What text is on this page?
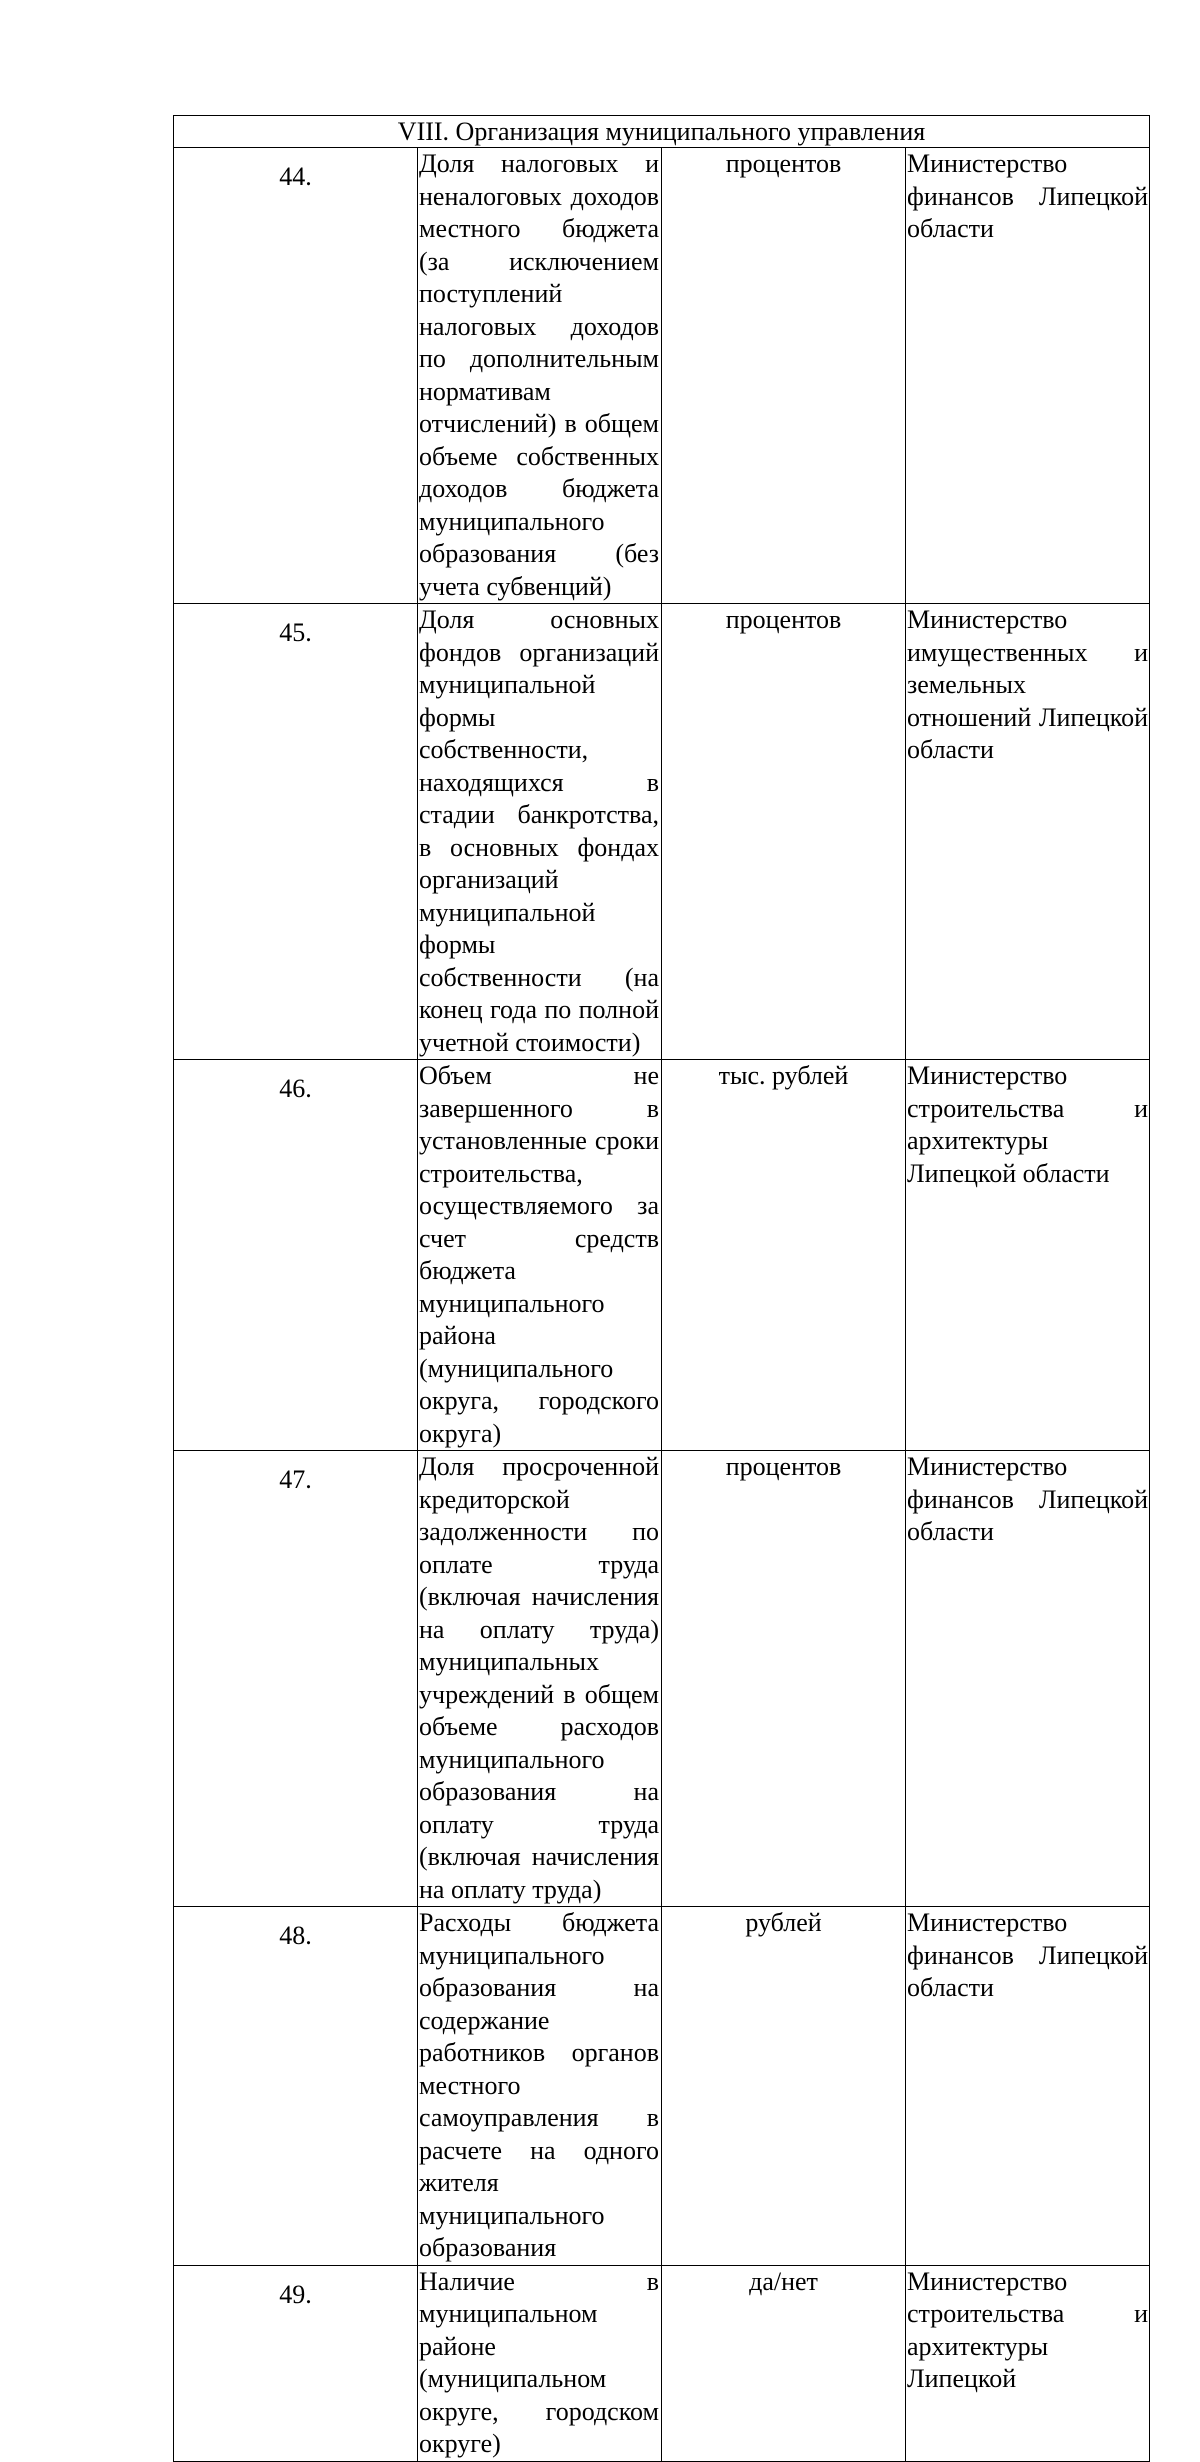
VIII. Организация муниципального управления			

44.	Доля налоговых и неналоговых доходов местного бюджета (за исключением поступлений налоговых доходов по дополнительным нормативам отчислений) в общем объеме собственных доходов бюджета муниципального образования (без учета субвенций)	процентов	Министерство финансов Липецкой области

45.	Доля основных фондов организаций муниципальной формы собственности, находящихся в стадии банкротства, в основных фондах организаций муниципальной формы собственности (на конец года по полной учетной стоимости)	процентов	Министерство имущественных и земельных отношений Липецкой области

46.	Объем не завершенного в установленные сроки строительства, осуществляемого за счет средств бюджета муниципального района (муниципального округа, городского округа)	тыс. рублей	Министерство строительства и архитектуры Липецкой области

47.	Доля просроченной кредиторской задолженности по оплате труда (включая начисления на оплату труда) муниципальных учреждений в общем объеме расходов муниципального образования на оплату труда (включая начисления на оплату труда)	процентов	Министерство финансов Липецкой области

48.	Расходы бюджета муниципального образования на содержание работников органов местного самоуправления в расчете на одного жителя муниципального образования	рублей	Министерство финансов Липецкой области

49.	Наличие в муниципальном районе (муниципальном округе, городском округе)	да/нет	Министерство строительства и архитектуры Липецкой
